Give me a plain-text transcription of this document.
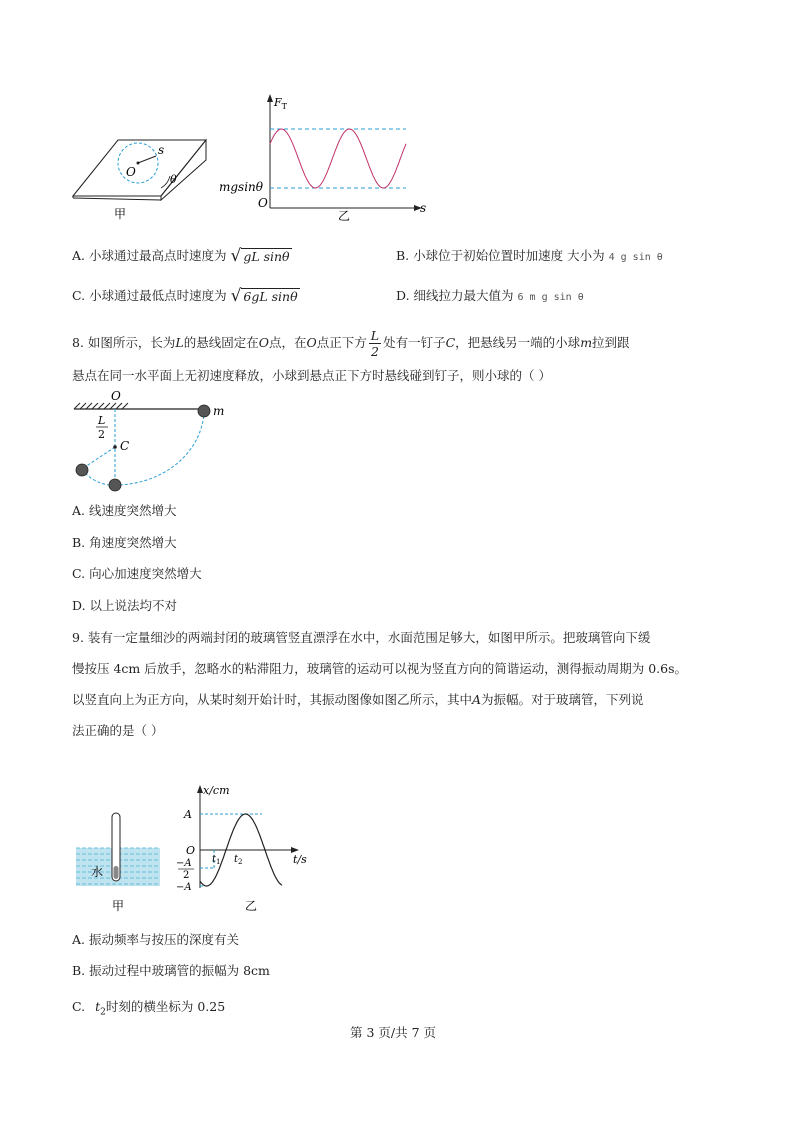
O
s
θ
甲
$F_T$
mgsinθ
O	s
乙
A. 小球通过最高点时速度为 √ gL sinθ	B. 小球位于初始位置时加速度 大小为 4 g sin θ
C. 小球通过最低点时速度为 √ 6gL sinθ	D. 细线拉力最大值为 6 m g sin θ
8. 如图所示，长为L的悬线固定在O点，在O点正下方 $\frac{L}{2}$ 处有一钉子C，把悬线另一端的小球m拉到跟
悬点在同一水平面上无初速度释放，小球到悬点正下方时悬线碰到钉子，则小球的（ ）
O
m
L
2
C
A. 线速度突然增大
B. 角速度突然增大
C. 向心加速度突然增大
D. 以上说法均不对
9. 装有一定量细沙的两端封闭的玻璃管竖直漂浮在水中，水面范围足够大，如图甲所示。把玻璃管向下缓
慢按压 4cm 后放手，忽略水的粘滞阻力，玻璃管的运动可以视为竖直方向的简谐运动，测得振动周期为 0.6s。
以竖直向上为正方向，从某时刻开始计时，其振动图像如图乙所示，其中A为振幅。对于玻璃管，下列说
法正确的是（ ）
水
甲
x/cm
A
O
−A
2
−A
$t_1$ $t_2$	t/s
乙
A. 振动频率与按压的深度有关
B. 振动过程中玻璃管的振幅为 8cm
C. $t_2$时刻的横坐标为 0.25
第 3 页/共 7 页
